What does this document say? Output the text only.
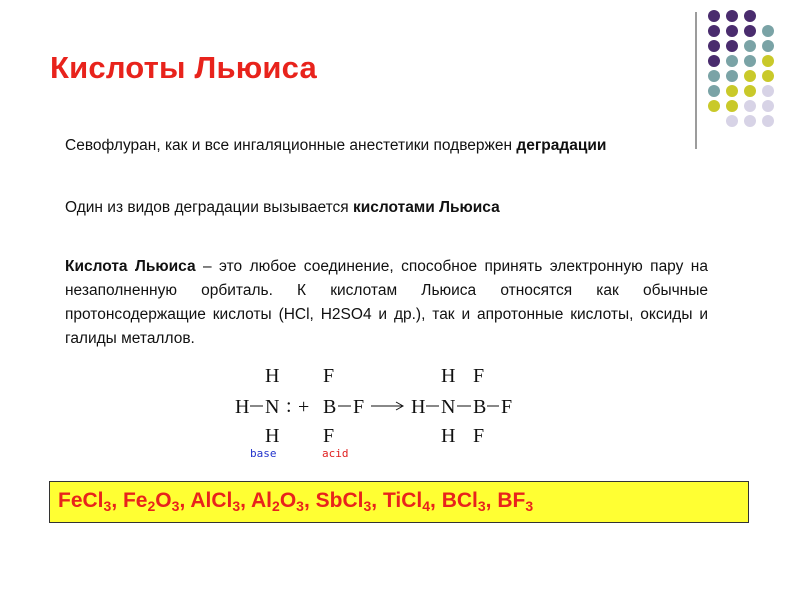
Кислоты Льюиса
Севофлуран, как и все ингаляционные анестетики подвержен деградации
Один из видов деградации вызывается кислотами Льюиса
Кислота Льюиса – это любое соединение, способное принять электронную пару на незаполненную орбиталь. К кислотам Льюиса относятся как обычные протонсодержащие кислоты (HCl, H2SO4 и др.), так и апротонные кислоты, оксиды и галиды металлов.
H
H N :
H
+
F
B F
F
H F
H N B F
H F
base	acid
FeCl$_3$, $Fe_2O_3$, AlCl$_3$, $Al_2O_3$, SbCl$_3$, TiCl$_4$, BCl$_3$, $BF_3$
